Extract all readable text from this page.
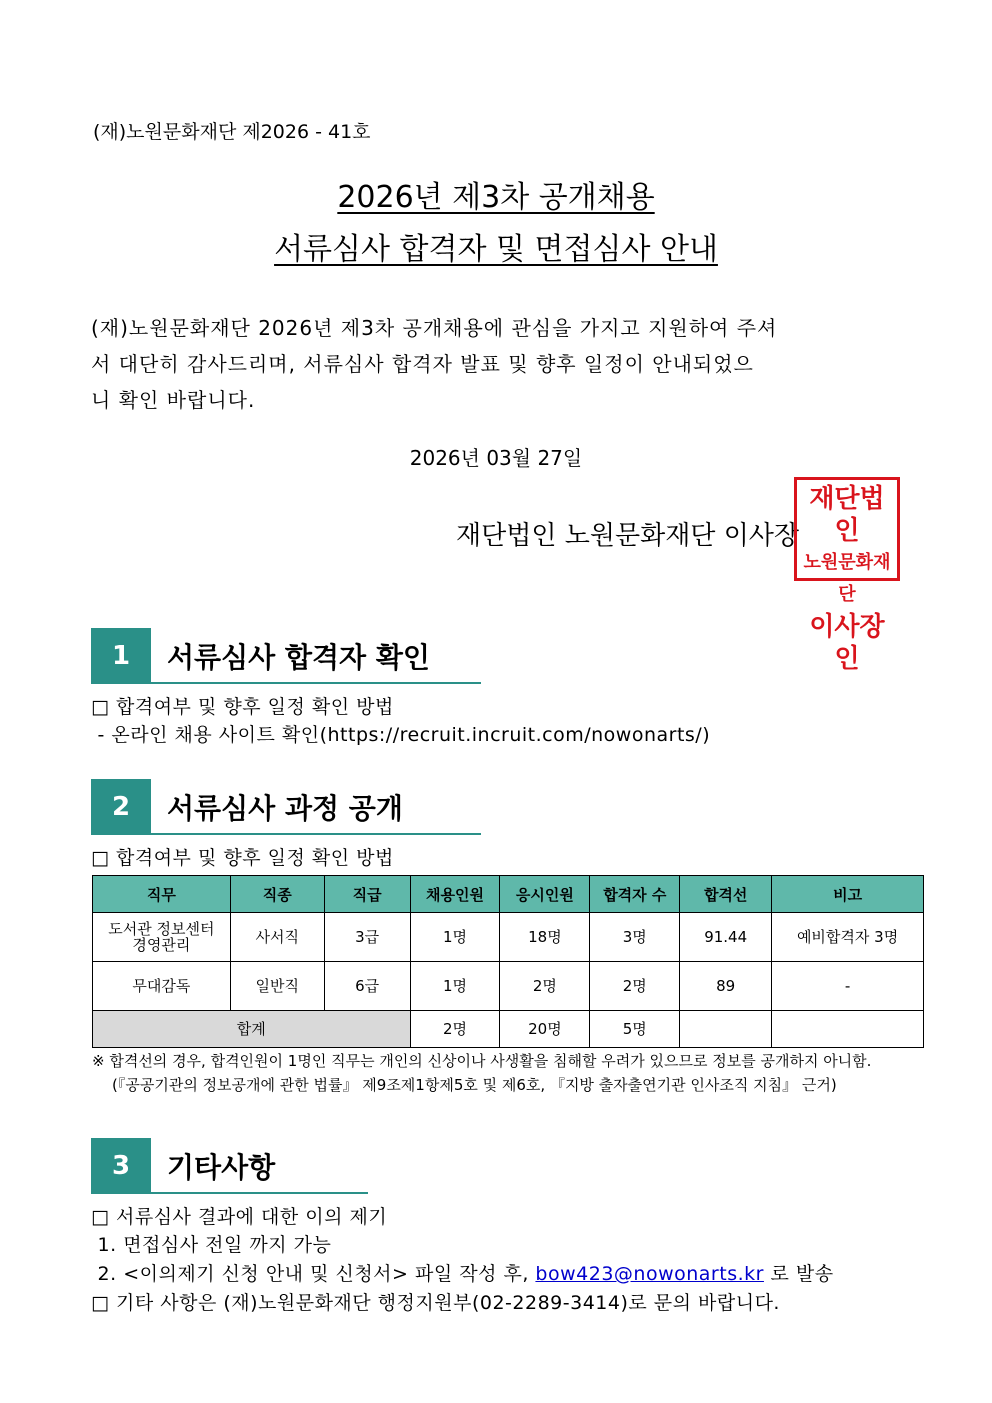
(재)노원문화재단 제2026 - 41호
2026년 제3차 공개채용
서류심사 합격자 및 면접심사 안내
(재)노원문화재단 2026년 제3차 공개채용에 관심을 가지고 지원하여 주셔
서 대단히 감사드리며, 서류심사 합격자 발표 및 향후 일정이 안내되었으
니 확인 바랍니다.
2026년 03월 27일
재단법인 노원문화재단 이사장
재단법인
노원문화재단
이사장인
1	서류심사 합격자 확인
□ 합격여부 및 향후 일정 확인 방법
- 온라인 채용 사이트 확인(https://recruit.incruit.com/nowonarts/)
2	서류심사 과정 공개
□ 합격여부 및 향후 일정 확인 방법
직무	직종	직급	채용인원	응시인원	합격자 수	합격선	비고
도서관 정보센터
경영관리	사서직	3급	1명	18명	3명	91.44	예비합격자 3명
무대감독	일반직	6급	1명	2명	2명	89	-
합계			2명	20명	5명		
※ 합격선의 경우, 합격인원이 1명인 직무는 개인의 신상이나 사생활을 침해할 우려가 있으므로 정보를 공개하지 아니함.
(『공공기관의 정보공개에 관한 법률』 제9조제1항제5호 및 제6호, 『지방 출자출연기관 인사조직 지침』 근거)
3	기타사항
□ 서류심사 결과에 대한 이의 제기
1. 면접심사 전일 까지 가능
2. <이의제기 신청 안내 및 신청서> 파일 작성 후, bow423@nowonarts.kr 로 발송
□ 기타 사항은 (재)노원문화재단 행정지원부(02-2289-3414)로 문의 바랍니다.
